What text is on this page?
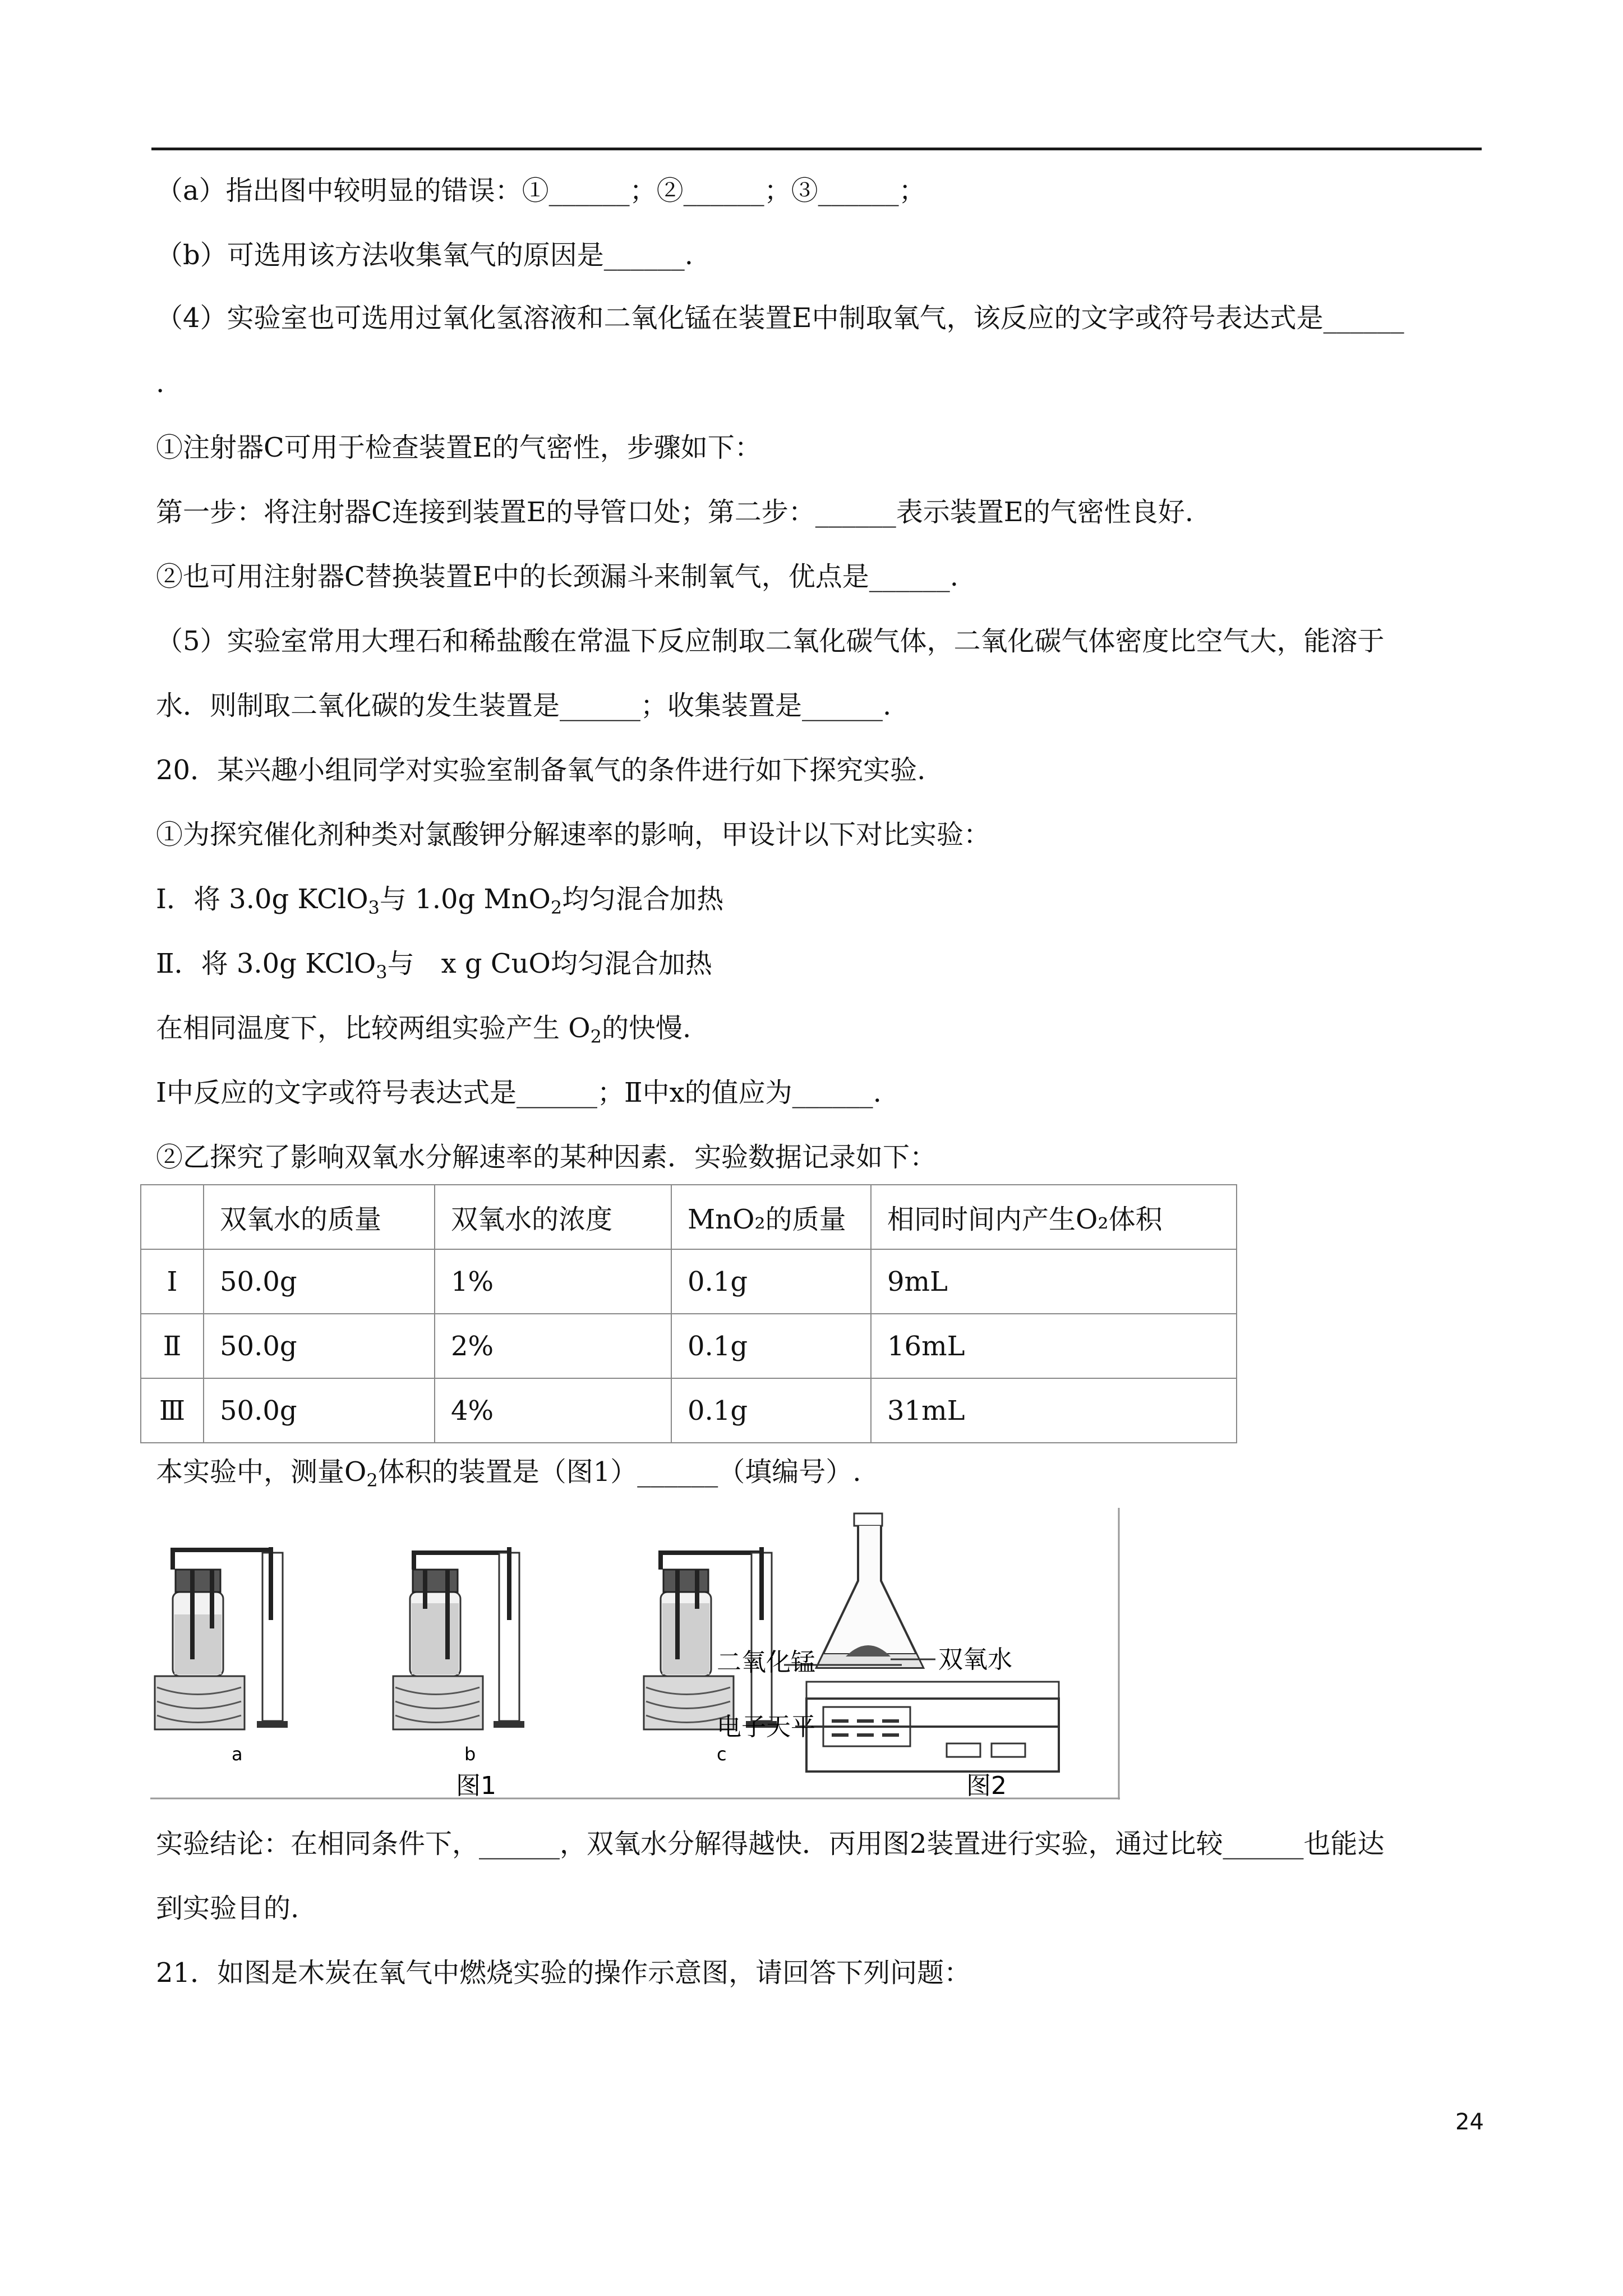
（a）指出图中较明显的错误：①______；②______；③______；
（b）可选用该方法收集氧气的原因是______.
（4）实验室也可选用过氧化氢溶液和二氧化锰在装置E中制取氧气，该反应的文字或符号表达式是______
.
①注射器C可用于检查装置E的气密性，步骤如下：
第一步：将注射器C连接到装置E的导管口处；第二步：______表示装置E的气密性良好.
②也可用注射器C替换装置E中的长颈漏斗来制氧气，优点是______.
（5）实验室常用大理石和稀盐酸在常温下反应制取二氧化碳气体，二氧化碳气体密度比空气大，能溶于
水．则制取二氧化碳的发生装置是______；收集装置是______.
20．某兴趣小组同学对实验室制备氧气的条件进行如下探究实验.
①为探究催化剂种类对氯酸钾分解速率的影响，甲设计以下对比实验：
Ⅰ．将 3.0g KClO$_3$与 1.0g MnO$_2$均匀混合加热
Ⅱ．将 3.0g KClO$_3$与　x g CuO均匀混合加热
在相同温度下，比较两组实验产生 $O_2$的快慢.
Ⅰ中反应的文字或符号表达式是______；Ⅱ中x的值应为______.
②乙探究了影响双氧水分解速率的某种因素．实验数据记录如下：
	双氧水的质量	双氧水的浓度	MnO₂的质量	相同时间内产生O₂体积
Ⅰ	50.0g	1%	0.1g	9mL
Ⅱ	50.0g	2%	0.1g	16mL
Ⅲ	50.0g	4%	0.1g	31mL
本实验中，测量$O_2$体积的装置是（图1）______（填编号）.
a	b	c
图1	图2
二氧化锰	双氧水
电子天平
实验结论：在相同条件下，______，双氧水分解得越快．丙用图2装置进行实验，通过比较______也能达
到实验目的.
21．如图是木炭在氧气中燃烧实验的操作示意图，请回答下列问题：
24
